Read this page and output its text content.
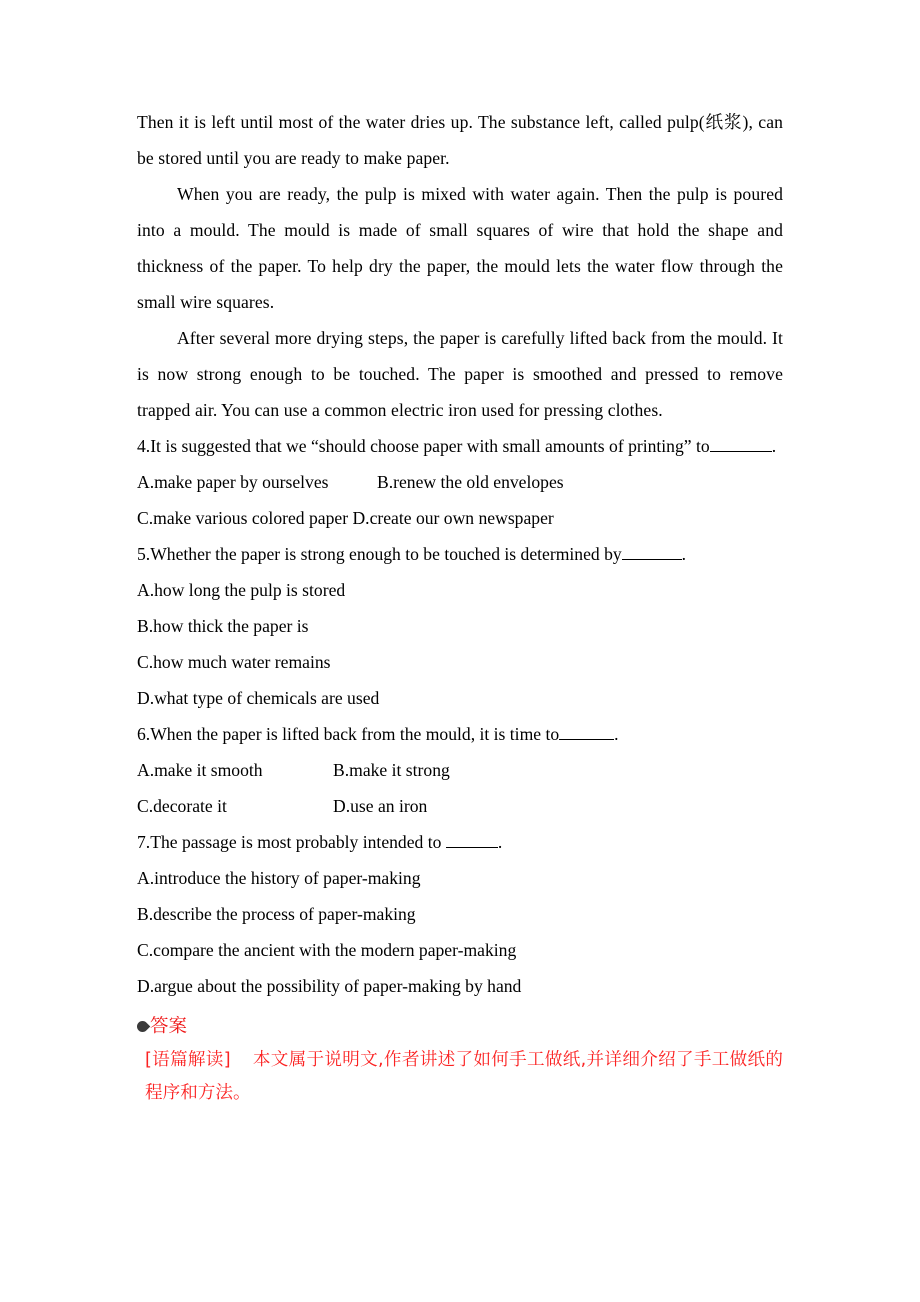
Then it is left until most of the water dries up. The substance left, called pulp(纸浆), can be stored until you are ready to make paper.

When you are ready, the pulp is mixed with water again. Then the pulp is poured into a mould. The mould is made of small squares of wire that hold the shape and thickness of the paper. To help dry the paper, the mould lets the water flow through the small wire squares.

After several more drying steps, the paper is carefully lifted back from the mould. It is now strong enough to be touched. The paper is smoothed and pressed to remove trapped air. You can use a common electric iron used for pressing clothes.

4.It is suggested that we “should choose paper with small amounts of printing” to	.

A.make paper by ourselves	B.renew the old envelopes

C.make various colored paper D.create our own newspaper

5.Whether the paper is strong enough to be touched is determined by	.

A.how long the pulp is stored

B.how thick the paper is

C.how much water remains

D.what type of chemicals are used

6.When the paper is lifted back from the mould, it is time to	.

A.make it smooth	B.make it strong
C.decorate it	D.use an iron

7.The passage is most probably intended to	.

A.introduce the history of paper-making

B.describe the process of paper-making

C.compare the ancient with the modern paper-making

D.argue about the possibility of paper-making by hand

答案

[语篇解读] 本文属于说明文,作者讲述了如何手工做纸,并详细介绍了手工做纸的程序和方法。
